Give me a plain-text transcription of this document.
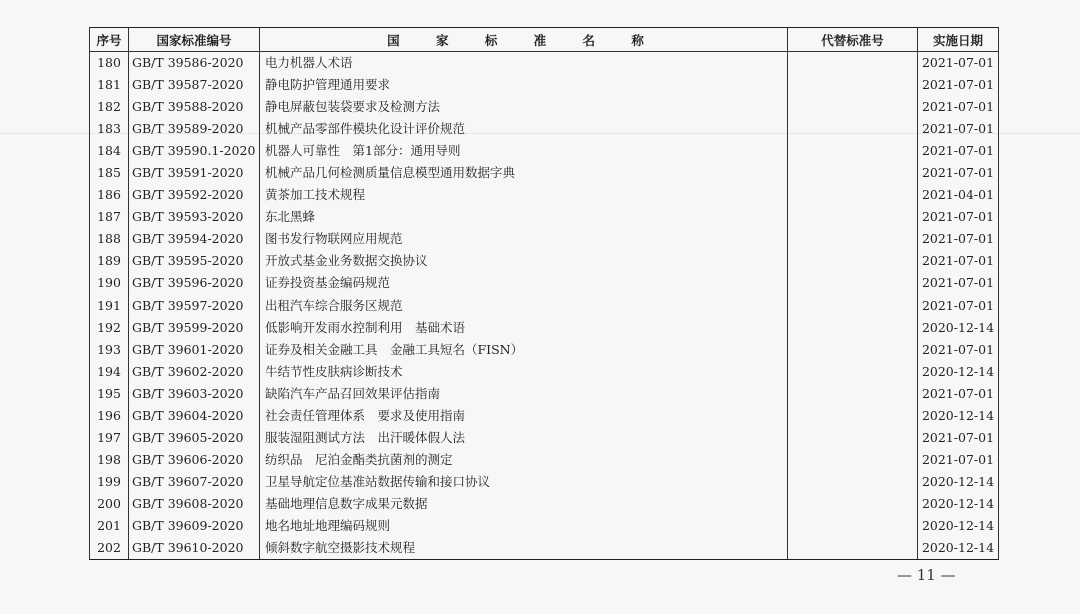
序号	国家标准编号	国 家 标 准 名 称	代替标准号	实施日期
180	GB/T 39586-2020	电力机器人术语		2021-07-01
181	GB/T 39587-2020	静电防护管理通用要求		2021-07-01
182	GB/T 39588-2020	静电屏蔽包装袋要求及检测方法		2021-07-01
183	GB/T 39589-2020	机械产品零部件模块化设计评价规范		2021-07-01
184	GB/T 39590.1-2020	机器人可靠性　第1部分：通用导则		2021-07-01
185	GB/T 39591-2020	机械产品几何检测质量信息模型通用数据字典		2021-07-01
186	GB/T 39592-2020	黄茶加工技术规程		2021-04-01
187	GB/T 39593-2020	东北黑蜂		2021-07-01
188	GB/T 39594-2020	图书发行物联网应用规范		2021-07-01
189	GB/T 39595-2020	开放式基金业务数据交换协议		2021-07-01
190	GB/T 39596-2020	证券投资基金编码规范		2021-07-01
191	GB/T 39597-2020	出租汽车综合服务区规范		2021-07-01
192	GB/T 39599-2020	低影响开发雨水控制利用　基础术语		2020-12-14
193	GB/T 39601-2020	证券及相关金融工具　金融工具短名（FISN）		2021-07-01
194	GB/T 39602-2020	牛结节性皮肤病诊断技术		2020-12-14
195	GB/T 39603-2020	缺陷汽车产品召回效果评估指南		2021-07-01
196	GB/T 39604-2020	社会责任管理体系　要求及使用指南		2020-12-14
197	GB/T 39605-2020	服装湿阻测试方法　出汗暖体假人法		2021-07-01
198	GB/T 39606-2020	纺织品　尼泊金酯类抗菌剂的测定		2021-07-01
199	GB/T 39607-2020	卫星导航定位基准站数据传输和接口协议		2020-12-14
200	GB/T 39608-2020	基础地理信息数字成果元数据		2020-12-14
201	GB/T 39609-2020	地名地址地理编码规则		2020-12-14
202	GB/T 39610-2020	倾斜数字航空摄影技术规程		2020-12-14
— 11 —
